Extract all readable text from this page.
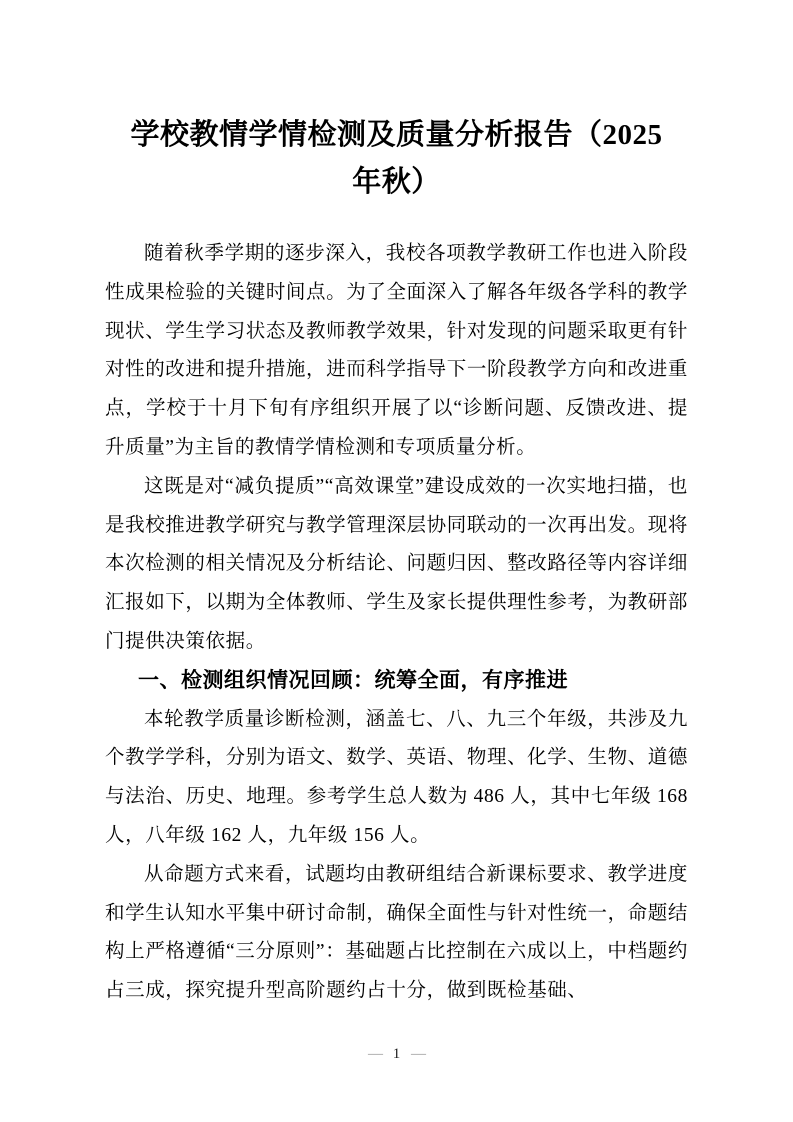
学校教情学情检测及质量分析报告（2025
年秋）

随着秋季学期的逐步深入，我校各项教学教研工作也进入阶段性成果检验的关键时间点。为了全面深入了解各年级各学科的教学现状、学生学习状态及教师教学效果，针对发现的问题采取更有针对性的改进和提升措施，进而科学指导下一阶段教学方向和改进重点，学校于十月下旬有序组织开展了以“诊断问题、反馈改进、提升质量”为主旨的教情学情检测和专项质量分析。

这既是对“减负提质”“高效课堂”建设成效的一次实地扫描，也是我校推进教学研究与教学管理深层协同联动的一次再出发。现将本次检测的相关情况及分析结论、问题归因、整改路径等内容详细汇报如下，以期为全体教师、学生及家长提供理性参考，为教研部门提供决策依据。

一、检测组织情况回顾：统筹全面，有序推进

本轮教学质量诊断检测，涵盖七、八、九三个年级，共涉及九个教学学科，分别为语文、数学、英语、物理、化学、生物、道德与法治、历史、地理。参考学生总人数为 486 人，其中七年级 168 人，八年级 162 人，九年级 156 人。

从命题方式来看，试题均由教研组结合新课标要求、教学进度和学生认知水平集中研讨命制，确保全面性与针对性统一，命题结构上严格遵循“三分原则”：基础题占比控制在六成以上，中档题约占三成，探究提升型高阶题约占十分，做到既检基础、

— 1 —
